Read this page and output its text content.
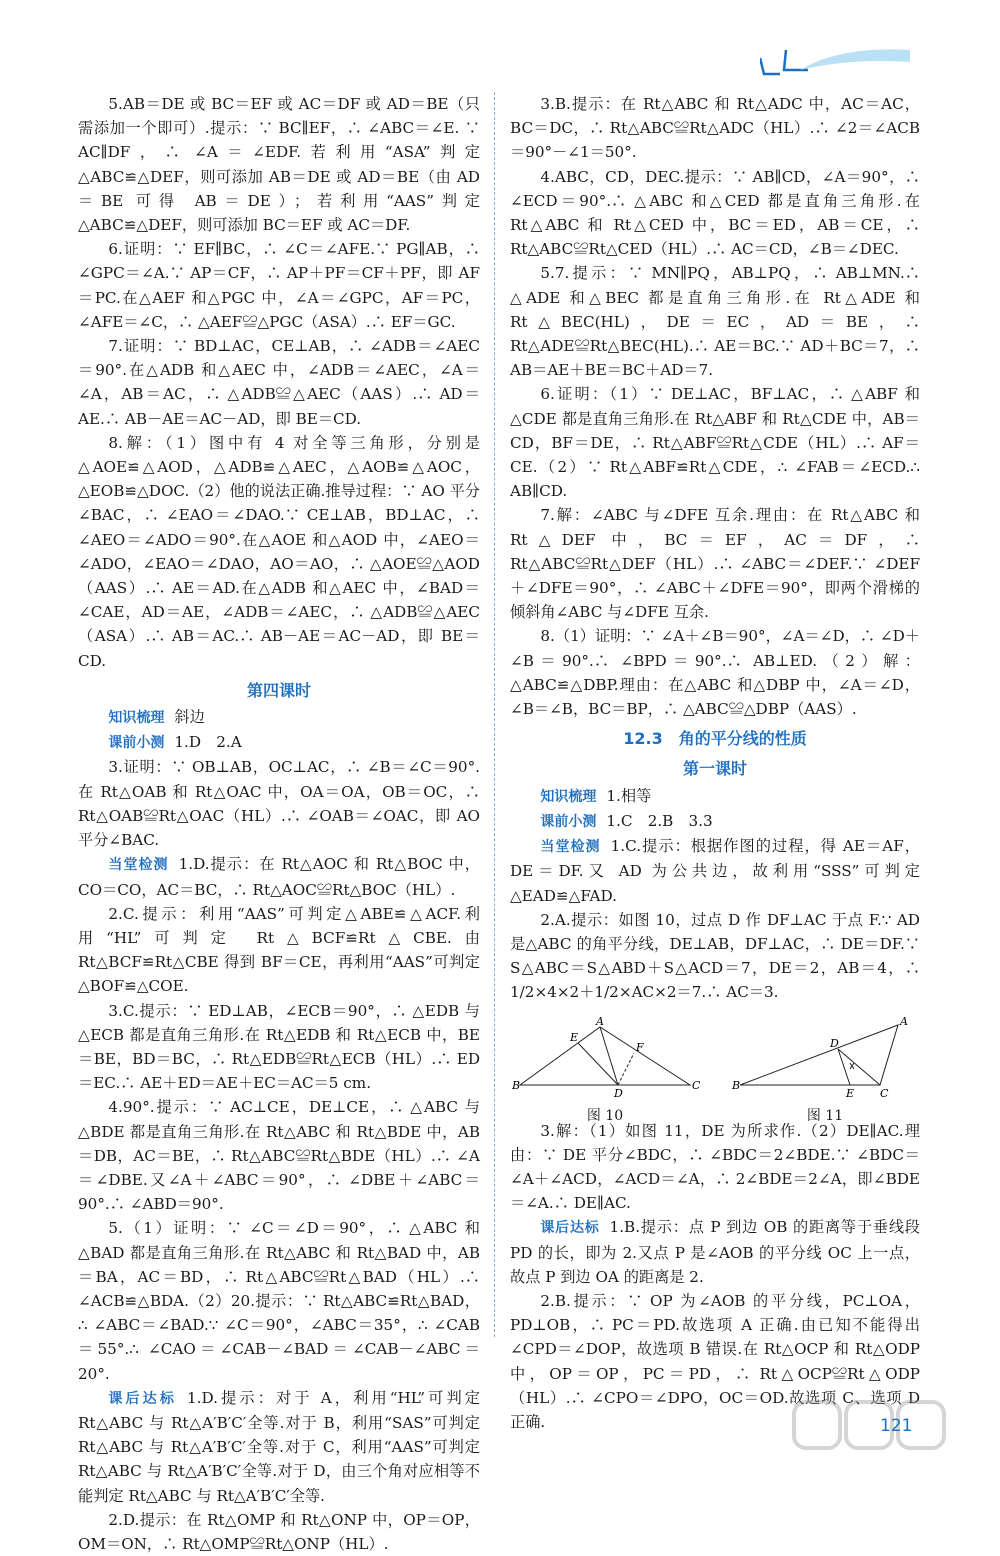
5.AB＝DE 或 BC＝EF 或 AC＝DF 或 AD＝BE（只需添加一个即可）.提示：∵ BC∥EF，∴ ∠ABC＝∠E. ∵ AC∥DF，∴ ∠A＝∠EDF.若利用“ASA”判定△ABC≌△DEF，则可添加 AB＝DE 或 AD＝BE（由 AD＝BE 可得 AB＝DE）；若利用“AAS”判定△ABC≌△DEF，则可添加 BC＝EF 或 AC＝DF.

6.证明：∵ EF∥BC，∴ ∠C＝∠AFE.∵ PG∥AB，∴ ∠GPC＝∠A.∵ AP＝CF，∴ AP＋PF＝CF＋PF，即 AF＝PC.在△AEF 和△PGC 中，∠A＝∠GPC，AF＝PC，∠AFE＝∠C，∴ △AEF≌△PGC（ASA）.∴ EF＝GC.

7.证明：∵ BD⊥AC，CE⊥AB，∴ ∠ADB＝∠AEC＝90°.在△ADB 和△AEC 中，∠ADB＝∠AEC，∠A＝∠A，AB＝AC，∴ △ADB≌△AEC（AAS）.∴ AD＝AE.∴ AB－AE＝AC－AD，即 BE＝CD.

8.解：（1）图中有 4 对全等三角形，分别是△AOE≌△AOD，△ADB≌△AEC，△AOB≌△AOC，△EOB≌△DOC.（2）他的说法正确.推导过程：∵ AO 平分∠BAC，∴ ∠EAO＝∠DAO.∵ CE⊥AB，BD⊥AC，∴ ∠AEO＝∠ADO＝90°.在△AOE 和△AOD 中，∠AEO＝∠ADO，∠EAO＝∠DAO，AO＝AO，∴ △AOE≌△AOD（AAS）.∴ AE＝AD.在△ADB 和△AEC 中，∠BAD＝∠CAE，AD＝AE，∠ADB＝∠AEC，∴ △ADB≌△AEC（ASA）.∴ AB＝AC.∴ AB－AE＝AC－AD，即 BE＝CD.

第四课时

知识梳理 斜边

课前小测 1.D　2.A

3.证明：∵ OB⊥AB，OC⊥AC，∴ ∠B＝∠C＝90°.在 Rt△OAB 和 Rt△OAC 中，OA＝OA，OB＝OC，∴ Rt△OAB≌Rt△OAC（HL）.∴ ∠OAB＝∠OAC，即 AO 平分∠BAC.

当堂检测 1.D.提示：在 Rt△AOC 和 Rt△BOC 中，CO＝CO，AC＝BC，∴ Rt△AOC≌Rt△BOC（HL）.

2.C.提示：利用“AAS”可判定△ABE≌△ACF.利用“HL”可判定 Rt△BCF≌Rt△CBE.由 Rt△BCF≌Rt△CBE 得到 BF＝CE，再利用“AAS”可判定△BOF≌△COE.

3.C.提示：∵ ED⊥AB，∠ECB＝90°，∴ △EDB 与△ECB 都是直角三角形.在 Rt△EDB 和 Rt△ECB 中，BE＝BE，BD＝BC，∴ Rt△EDB≌Rt△ECB（HL）.∴ ED＝EC.∴ AE＋ED＝AE＋EC＝AC＝5 cm.

4.90°.提示：∵ AC⊥CE，DE⊥CE，∴ △ABC 与△BDE 都是直角三角形.在 Rt△ABC 和 Rt△BDE 中，AB＝DB，AC＝BE，∴ Rt△ABC≌Rt△BDE（HL）.∴ ∠A＝∠DBE.又∠A＋∠ABC＝90°，∴ ∠DBE＋∠ABC＝90°.∴ ∠ABD＝90°.

5.（1）证明：∵ ∠C＝∠D＝90°，∴ △ABC 和△BAD 都是直角三角形.在 Rt△ABC 和 Rt△BAD 中，AB＝BA，AC＝BD，∴ Rt△ABC≌Rt△BAD（HL）.∴ ∠ACB≌△BDA.（2）20.提示：∵ Rt△ABC≌Rt△BAD，∴ ∠ABC＝∠BAD.∵ ∠C＝90°，∠ABC＝35°，∴ ∠CAB＝55°.∴ ∠CAO＝∠CAB－∠BAD＝∠CAB－∠ABC＝20°.

课后达标 1.D.提示：对于 A，利用“HL”可判定 Rt△ABC 与 Rt△A′B′C′全等.对于 B，利用“SAS”可判定 Rt△ABC 与 Rt△A′B′C′全等.对于 C，利用“AAS”可判定 Rt△ABC 与 Rt△A′B′C′全等.对于 D，由三个角对应相等不能判定 Rt△ABC 与 Rt△A′B′C′全等.

2.D.提示：在 Rt△OMP 和 Rt△ONP 中，OP＝OP，OM＝ON，∴ Rt△OMP≌Rt△ONP（HL）.

3.B.提示：在 Rt△ABC 和 Rt△ADC 中，AC＝AC，BC＝DC，∴ Rt△ABC≌Rt△ADC（HL）.∴ ∠2＝∠ACB＝90°－∠1＝50°.

4.ABC，CD，DEC.提示：∵ AB∥CD，∠A＝90°，∴ ∠ECD＝90°.∴ △ABC 和△CED 都是直角三角形.在 Rt△ABC 和 Rt△CED 中，BC＝ED，AB＝CE，∴ Rt△ABC≌Rt△CED（HL）.∴ AC＝CD，∠B＝∠DEC.

5.7.提示：∵ MN∥PQ，AB⊥PQ，∴ AB⊥MN.∴ △ADE 和△BEC 都是直角三角形.在 Rt△ADE 和 Rt△BEC(HL)，DE＝EC，AD＝BE，∴ Rt△ADE≌Rt△BEC(HL).∴ AE＝BC.∵ AD＋BC＝7，∴ AB＝AE＋BE＝BC＋AD＝7.

6.证明：（1）∵ DE⊥AC，BF⊥AC，∴ △ABF 和△CDE 都是直角三角形.在 Rt△ABF 和 Rt△CDE 中，AB＝CD，BF＝DE，∴ Rt△ABF≌Rt△CDE（HL）.∴ AF＝CE.（2）∵ Rt△ABF≌Rt△CDE，∴ ∠FAB＝∠ECD.∴ AB∥CD.

7.解：∠ABC 与∠DFE 互余.理由：在 Rt△ABC 和 Rt△DEF 中，BC＝EF，AC＝DF，∴ Rt△ABC≌Rt△DEF（HL）.∴ ∠ABC＝∠DEF.∵ ∠DEF＋∠DFE＝90°，∴ ∠ABC＋∠DFE＝90°，即两个滑梯的倾斜角∠ABC 与∠DFE 互余.

8.（1）证明：∵ ∠A＋∠B＝90°，∠A＝∠D，∴ ∠D＋∠B＝90°.∴ ∠BPD＝90°.∴ AB⊥ED.（2）解：△ABC≌△DBP.理由：在△ABC 和△DBP 中，∠A＝∠D，∠B＝∠B，BC＝BP，∴ △ABC≌△DBP（AAS）.

12.3　角的平分线的性质
第一课时

知识梳理 1.相等

课前小测 1.C　2.B　3.3

当堂检测 1.C.提示：根据作图的过程，得 AE＝AF，DE＝DF.又 AD 为公共边，故利用“SSS”可判定△EAD≌△FAD.

2.A.提示：如图 10，过点 D 作 DF⊥AC 于点 F.∵ AD 是△ABC 的角平分线，DE⊥AB，DF⊥AC，∴ DE＝DF.∵ S△ABC＝S△ABD＋S△ACD＝7，DE＝2，AB＝4，∴ 1/2×4×2＋1/2×AC×2＝7.∴ AC＝3.

B
A
C
D
E
F
图 10
B
A
C
D
E
图 11

3.解：（1）如图 11，DE 为所求作.（2）DE∥AC.理由：∵ DE 平分∠BDC，∴ ∠BDC＝2∠BDE.∵ ∠BDC＝∠A＋∠ACD，∠ACD＝∠A，∴ 2∠BDE＝2∠A，即∠BDE＝∠A.∴ DE∥AC.

课后达标 1.B.提示：点 P 到边 OB 的距离等于垂线段 PD 的长，即为 2.又点 P 是∠AOB 的平分线 OC 上一点，故点 P 到边 OA 的距离是 2.

2.B.提示：∵ OP 为∠AOB 的平分线，PC⊥OA，PD⊥OB，∴ PC＝PD.故选项 A 正确.由已知不能得出∠CPD＝∠DOP，故选项 B 错误.在 Rt△OCP 和 Rt△ODP 中，OP＝OP，PC＝PD，∴ Rt△OCP≌Rt△ODP（HL）.∴ ∠CPO＝∠DPO，OC＝OD.故选项 C、选项 D 正确.	121
